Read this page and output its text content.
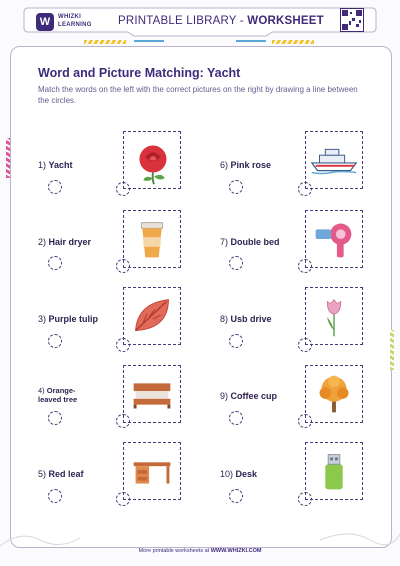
W	WHIZKI
LEARNING PRINTABLE LIBRARY - WORKSHEET
Word and Picture Matching: Yacht
Match the words on the left with the correct pictures on the right by drawing a line between the circles.
1) Yacht
2) Hair dryer
3) Purple tulip
4) Orange-leaved tree
5) Red leaf
6) Pink rose
7) Double bed
8) Usb drive
9) Coffee cup
10) Desk
More printable worksheets at WWW.WHIZKI.COM
